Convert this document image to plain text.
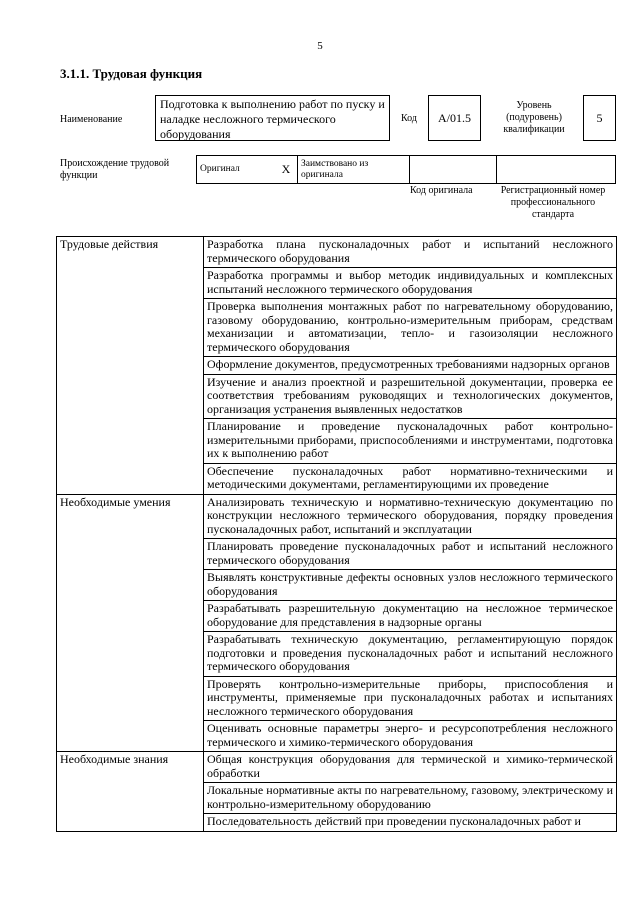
5
3.1.1. Трудовая функция
Наименование
Подготовка к выполнению работ по пуску и наладке несложного термического оборудования
Код	A/01.5
Уровень (подуровень) квалификации
5
Происхождение трудовой функции
Оригинал	X	Заимствовано из оригинала		
Код оригинала	Регистрационный номер профессионального стандарта
Трудовые действия	Разработка плана пусконаладочных работ и испытаний несложного термического оборудования
	Разработка программы и выбор методик индивидуальных и комплексных испытаний несложного термического оборудования
	Проверка выполнения монтажных работ по нагревательному оборудованию, газовому оборудованию, контрольно-измерительным приборам, средствам механизации и автоматизации, тепло- и газоизоляции несложного термического оборудования
	Оформление документов, предусмотренных требованиями надзорных органов
	Изучение и анализ проектной и разрешительной документации, проверка ее соответствия требованиям руководящих и технологических документов, организация устранения выявленных недостатков
	Планирование и проведение пусконаладочных работ контрольно-измерительными приборами, приспособлениями и инструментами, подготовка их к выполнению работ
	Обеспечение пусконаладочных работ нормативно-техническими и методическими документами, регламентирующими их проведение
Необходимые умения	Анализировать техническую и нормативно-техническую документацию по конструкции несложного термического оборудования, порядку проведения пусконаладочных работ, испытаний и эксплуатации
	Планировать проведение пусконаладочных работ и испытаний несложного термического оборудования
	Выявлять конструктивные дефекты основных узлов несложного термического оборудования
	Разрабатывать разрешительную документацию на несложное термическое оборудование для представления в надзорные органы
	Разрабатывать техническую документацию, регламентирующую порядок подготовки и проведения пусконаладочных работ и испытаний несложного термического оборудования
	Проверять контрольно-измерительные приборы, приспособления и инструменты, применяемые при пусконаладочных работах и испытаниях несложного термического оборудования
	Оценивать основные параметры энерго- и ресурсопотребления несложного термического и химико-термического оборудования
Необходимые знания	Общая конструкция оборудования для термической и химико-термической обработки
	Локальные нормативные акты по нагревательному, газовому, электрическому и контрольно-измерительному оборудованию
	Последовательность действий при проведении пусконаладочных работ и
